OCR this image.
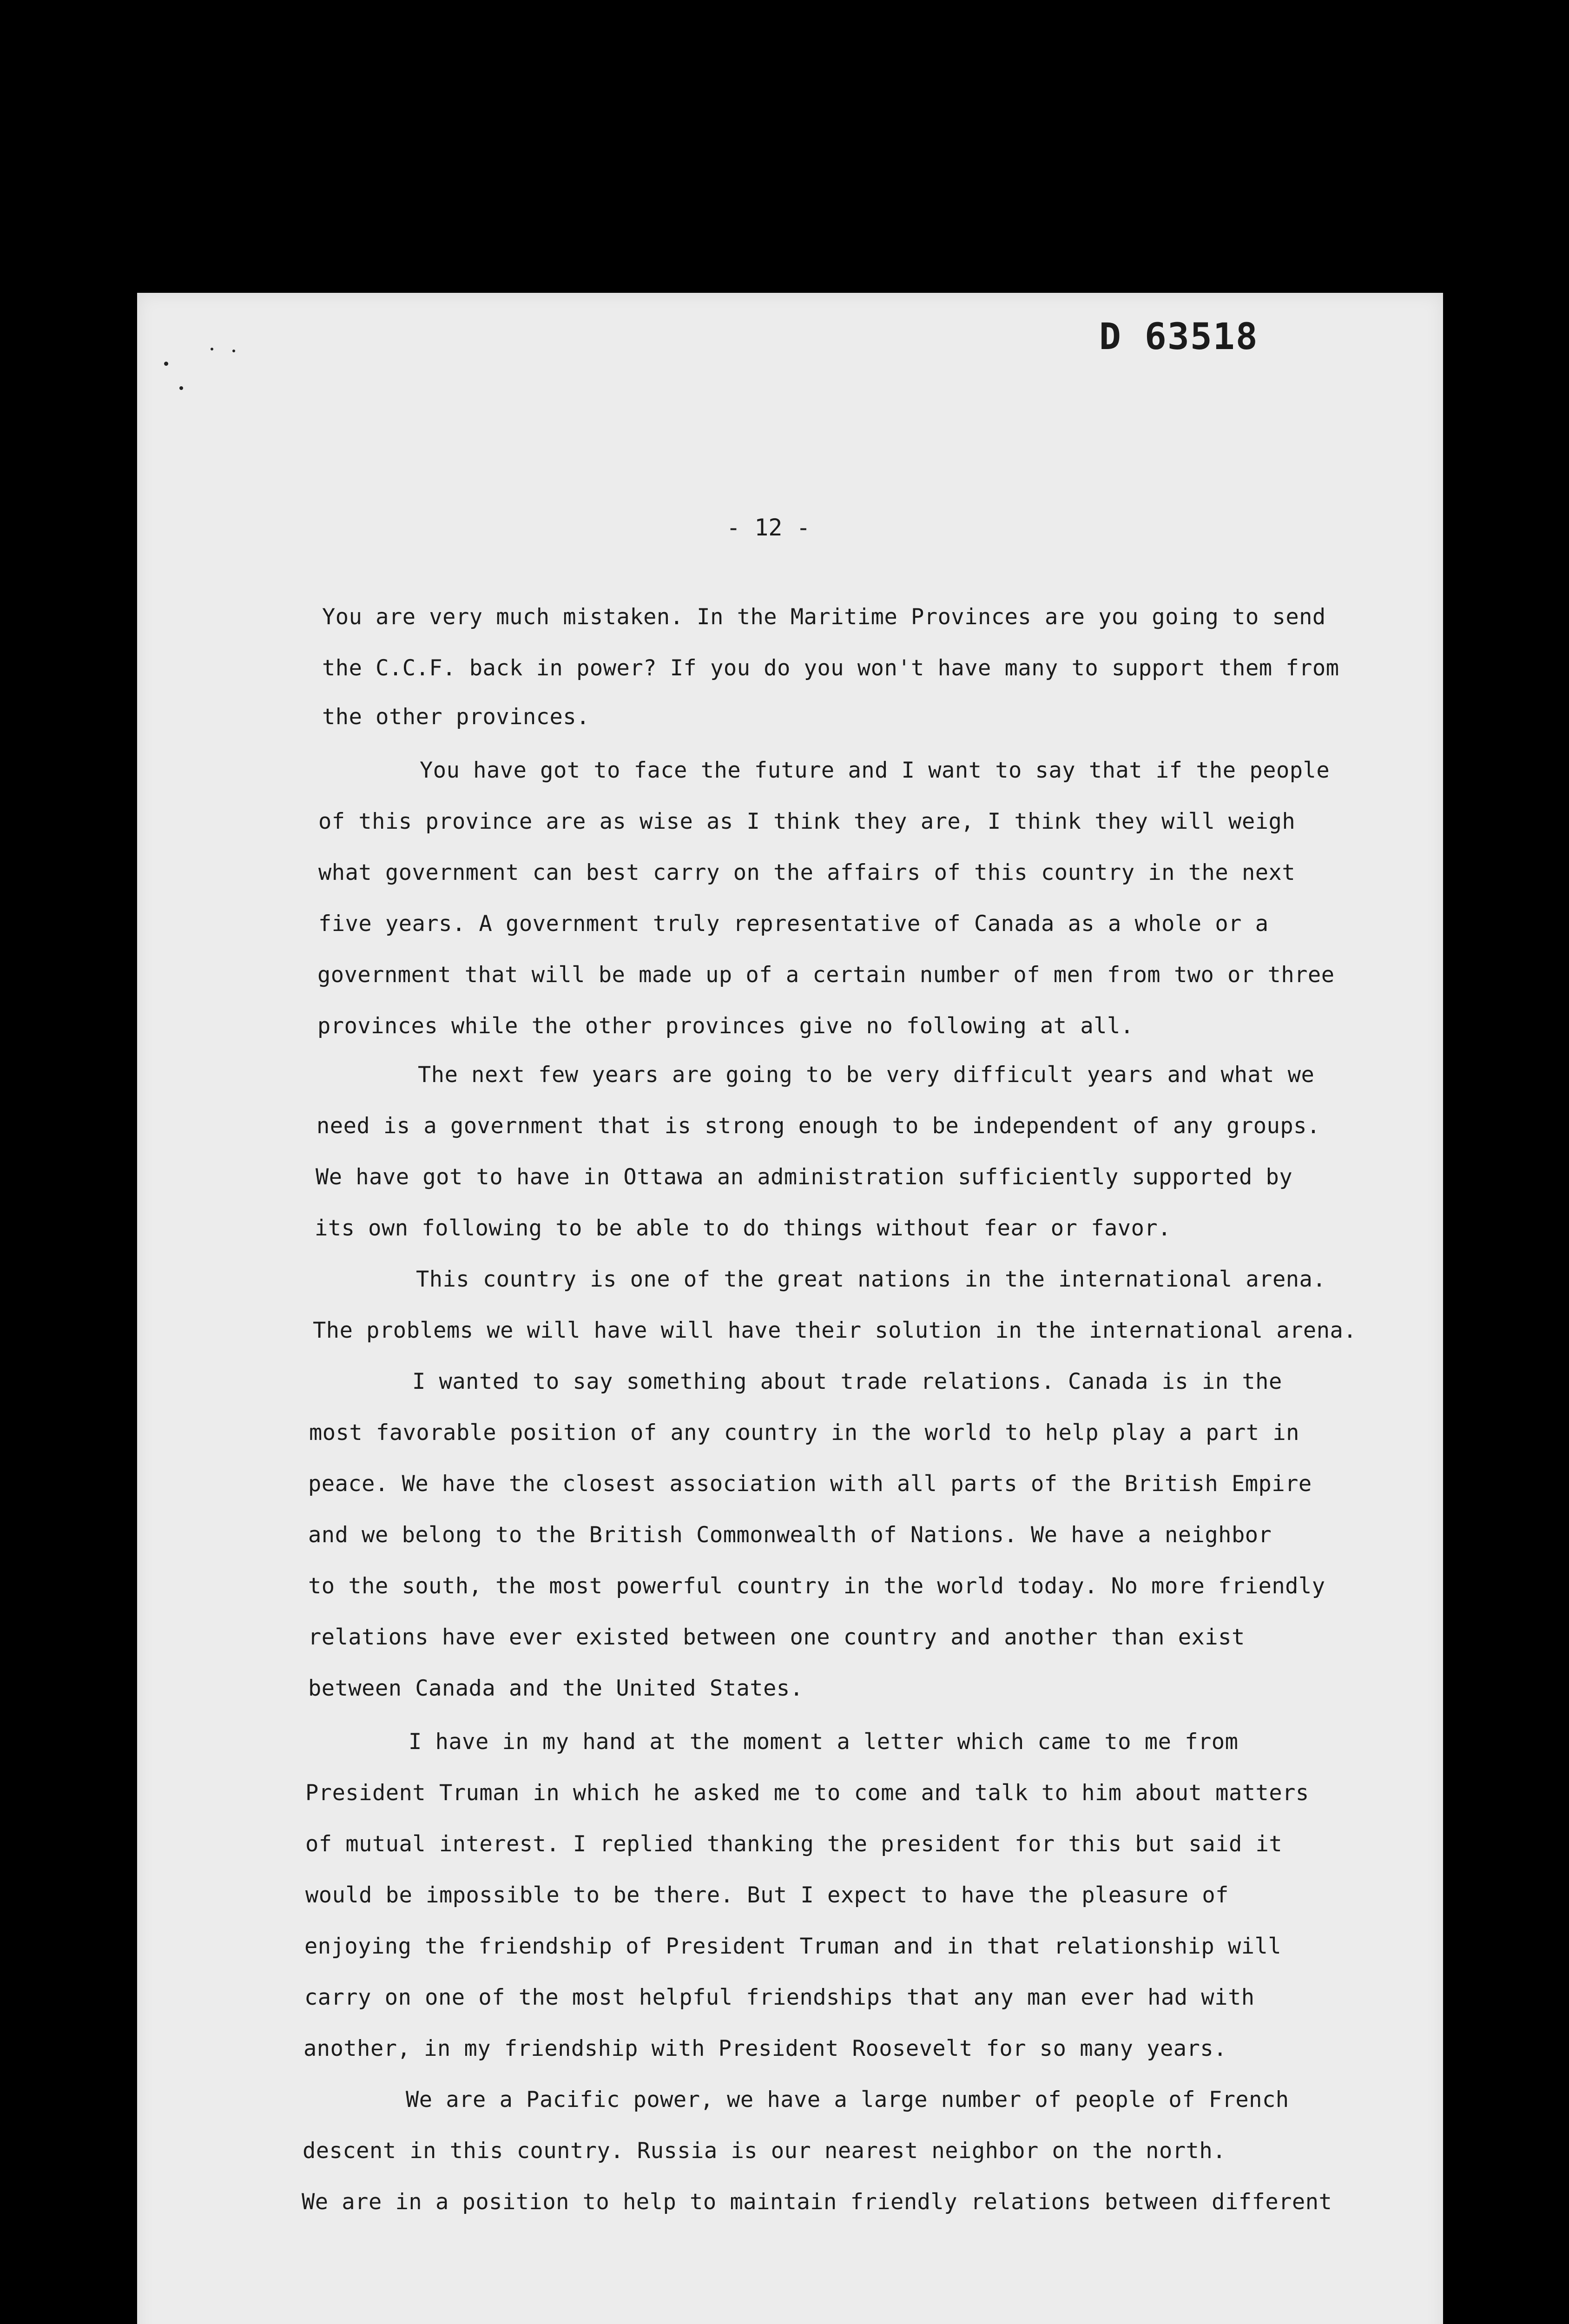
D 63518
- 12 -
You are very much mistaken. In the Maritime Provinces are you going to send
the C.C.F. back in power? If you do you won't have many to support them from
the other provinces.
You have got to face the future and I want to say that if the people
of this province are as wise as I think they are, I think they will weigh
what government can best carry on the affairs of this country in the next
five years. A government truly representative of Canada as a whole or a
government that will be made up of a certain number of men from two or three
provinces while the other provinces give no following at all.
The next few years are going to be very difficult years and what we
need is a government that is strong enough to be independent of any groups.
We have got to have in Ottawa an administration sufficiently supported by
its own following to be able to do things without fear or favor.
This country is one of the great nations in the international arena.
The problems we will have will have their solution in the international arena.
I wanted to say something about trade relations. Canada is in the
most favorable position of any country in the world to help play a part in
peace. We have the closest association with all parts of the British Empire
and we belong to the British Commonwealth of Nations. We have a neighbor
to the south, the most powerful country in the world today. No more friendly
relations have ever existed between one country and another than exist
between Canada and the United States.
I have in my hand at the moment a letter which came to me from
President Truman in which he asked me to come and talk to him about matters
of mutual interest. I replied thanking the president for this but said it
would be impossible to be there. But I expect to have the pleasure of
enjoying the friendship of President Truman and in that relationship will
carry on one of the most helpful friendships that any man ever had with
another, in my friendship with President Roosevelt for so many years.
We are a Pacific power, we have a large number of people of French
descent in this country. Russia is our nearest neighbor on the north.
We are in a position to help to maintain friendly relations between different
